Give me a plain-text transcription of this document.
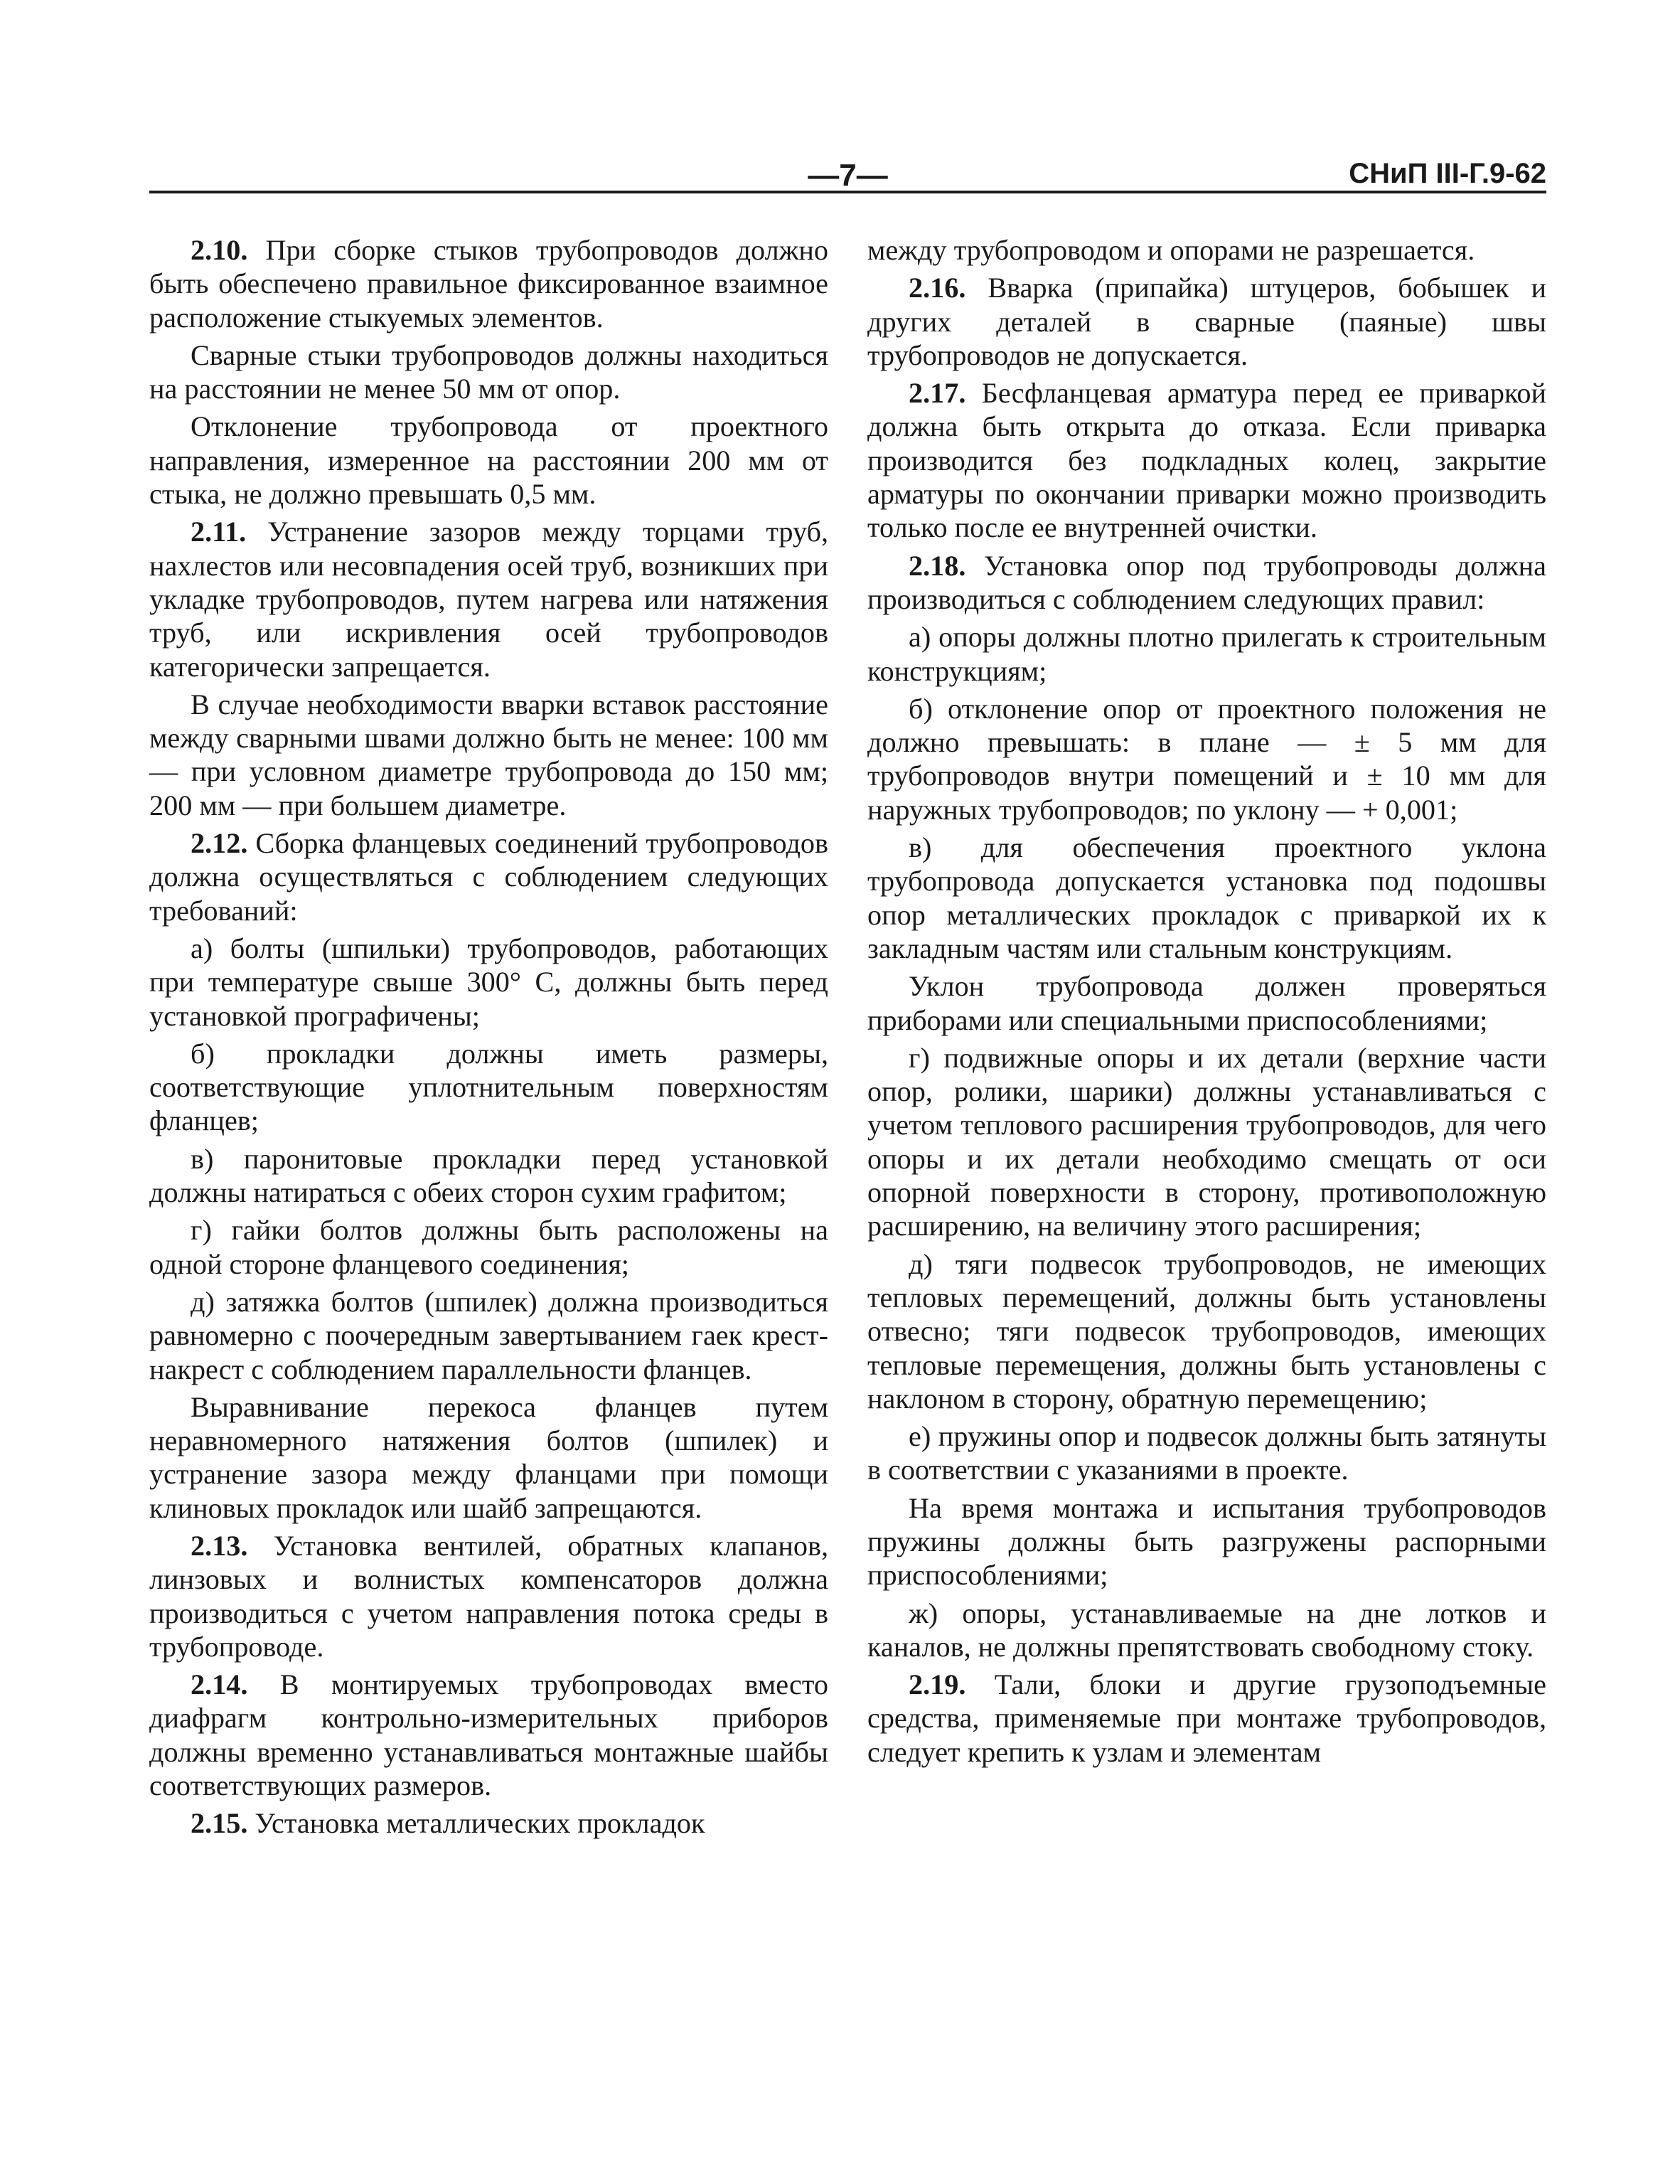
—7—	СНиП III-Г.9-62

2.10. При сборке стыков трубопроводов должно быть обеспечено правильное фиксированное взаимное расположение стыкуемых элементов.

Сварные стыки трубопроводов должны находиться на расстоянии не менее 50 мм от опор.

Отклонение трубопровода от проектного направления, измеренное на расстоянии 200 мм от стыка, не должно превышать 0,5 мм.

2.11. Устранение зазоров между торцами труб, нахлестов или несовпадения осей труб, возникших при укладке трубопроводов, путем нагрева или натяжения труб, или искривления осей трубопроводов категорически запрещается.

В случае необходимости вварки вставок расстояние между сварными швами должно быть не менее: 100 мм — при условном диаметре трубопровода до 150 мм; 200 мм — при большем диаметре.

2.12. Сборка фланцевых соединений трубопроводов должна осуществляться с соблюдением следующих требований:

а) болты (шпильки) трубопроводов, работающих при температуре свыше 300° С, должны быть перед установкой прографичены;

б) прокладки должны иметь размеры, соответствующие уплотнительным поверхностям фланцев;

в) паронитовые прокладки перед установкой должны натираться с обеих сторон сухим графитом;

г) гайки болтов должны быть расположены на одной стороне фланцевого соединения;

д) затяжка болтов (шпилек) должна производиться равномерно с поочередным завертыванием гаек крест-накрест с соблюдением параллельности фланцев.

Выравнивание перекоса фланцев путем неравномерного натяжения болтов (шпилек) и устранение зазора между фланцами при помощи клиновых прокладок или шайб запрещаются.

2.13. Установка вентилей, обратных клапанов, линзовых и волнистых компенсаторов должна производиться с учетом направления потока среды в трубопроводе.

2.14. В монтируемых трубопроводах вместо диафрагм контрольно-измерительных приборов должны временно устанавливаться монтажные шайбы соответствующих размеров.

2.15. Установка металлических прокладок

между трубопроводом и опорами не разрешается.

2.16. Вварка (припайка) штуцеров, бобышек и других деталей в сварные (паяные) швы трубопроводов не допускается.

2.17. Бесфланцевая арматура перед ее приваркой должна быть открыта до отказа. Если приварка производится без подкладных колец, закрытие арматуры по окончании приварки можно производить только после ее внутренней очистки.

2.18. Установка опор под трубопроводы должна производиться с соблюдением следующих правил:

а) опоры должны плотно прилегать к строительным конструкциям;

б) отклонение опор от проектного положения не должно превышать: в плане — ± 5 мм для трубопроводов внутри помещений и ± 10 мм для наружных трубопроводов; по уклону — + 0,001;

в) для обеспечения проектного уклона трубопровода допускается установка под подошвы опор металлических прокладок с приваркой их к закладным частям или стальным конструкциям.

Уклон трубопровода должен проверяться приборами или специальными приспособлениями;

г) подвижные опоры и их детали (верхние части опор, ролики, шарики) должны устанавливаться с учетом теплового расширения трубопроводов, для чего опоры и их детали необходимо смещать от оси опорной поверхности в сторону, противоположную расширению, на величину этого расширения;

д) тяги подвесок трубопроводов, не имеющих тепловых перемещений, должны быть установлены отвесно; тяги подвесок трубопроводов, имеющих тепловые перемещения, должны быть установлены с наклоном в сторону, обратную перемещению;

е) пружины опор и подвесок должны быть затянуты в соответствии с указаниями в проекте.

На время монтажа и испытания трубопроводов пружины должны быть разгружены распорными приспособлениями;

ж) опоры, устанавливаемые на дне лотков и каналов, не должны препятствовать свободному стоку.

2.19. Тали, блоки и другие грузоподъемные средства, применяемые при монтаже трубопроводов, следует крепить к узлам и элементам
